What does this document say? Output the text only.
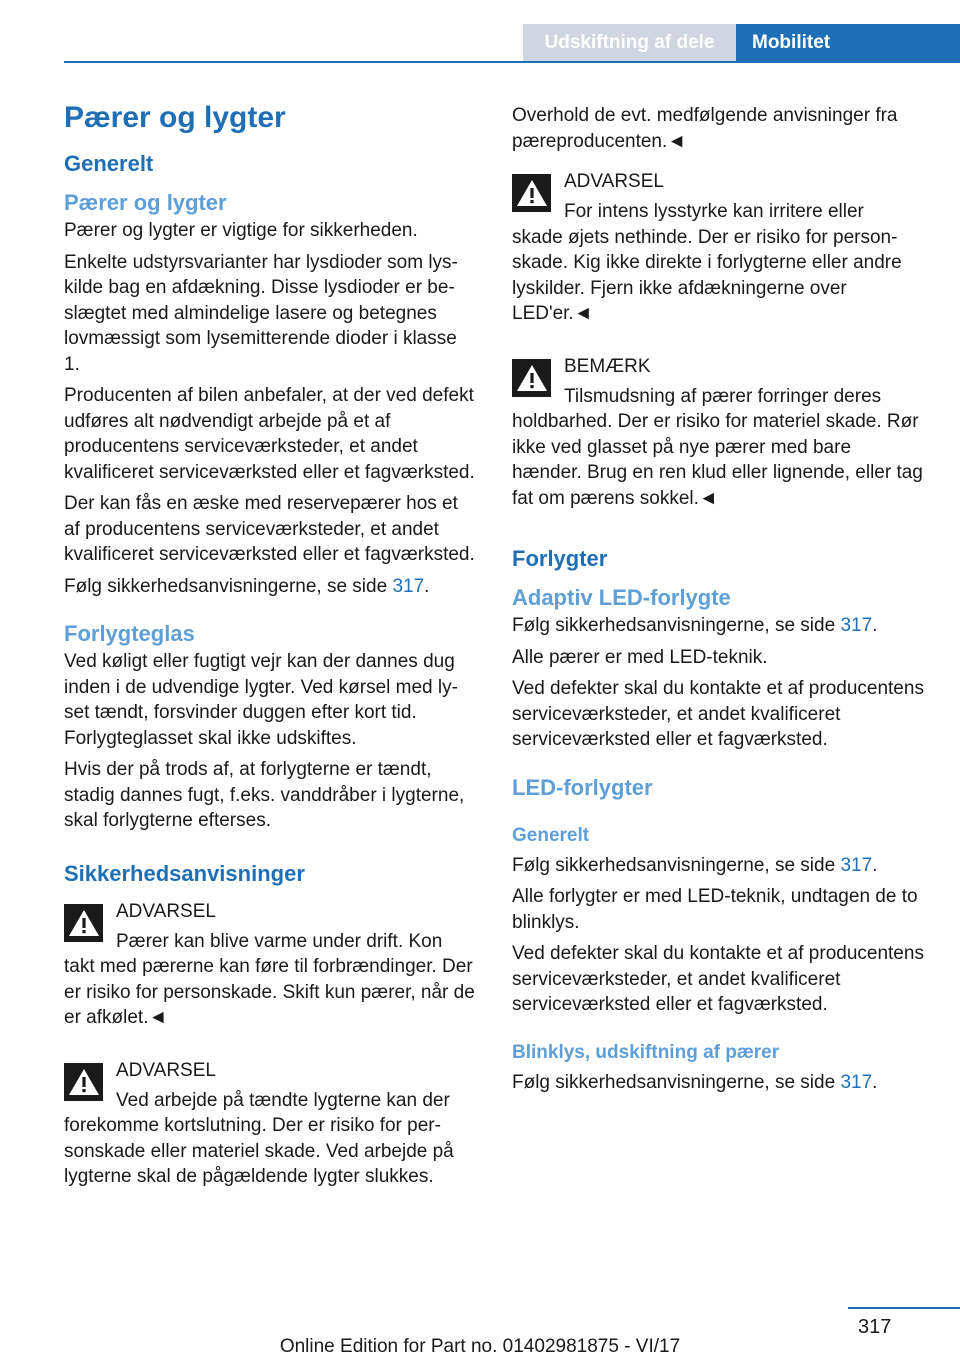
Udskiftning af dele	Mobilitet
Pærer og lygter
Generelt
Pærer og lygter

Pærer og lygter er vigtige for sikkerheden.

Enkelte udstyrsvarianter har lysdioder som lyskilde bag en afdækning. Disse lysdioder er beslægtet med almindelige lasere og betegnes lovmæssigt som lysemitterende dioder i klasse 1.

Producenten af bilen anbefaler, at der ved defekt udføres alt nødvendigt arbejde på et af producentens serviceværksteder, et andet kvalificeret serviceværksted eller et fagværksted.

Der kan fås en æske med reservepærer hos et af producentens serviceværksteder, et andet kvalificeret serviceværksted eller et fagværksted.

Følg sikkerhedsanvisningerne, se side 317.

Forlygteglas

Ved køligt eller fugtigt vejr kan der dannes dug inden i de udvendige lygter. Ved kørsel med lyset tændt, forsvinder duggen efter kort tid. Forlygteglasset skal ikke udskiftes.

Hvis der på trods af, at forlygterne er tændt, stadig dannes fugt, f.eks. vanddråber i lygterne, skal forlygterne efterses.

Sikkerhedsanvisninger
ADVARSEL
Pærer kan blive varme under drift. Kon
takt med pærerne kan føre til forbrændinger. Der er risiko for personskade. Skift kun pærer, når de er afkølet.◄
ADVARSEL
Ved arbejde på tændte lygterne kan der
forekomme kortslutning. Der er risiko for personskade eller materiel skade. Ved arbejde på lygterne skal de pågældende lygter slukkes.

Overhold de evt. medfølgende anvisninger fra pæreproducenten.◄

ADVARSEL
For intens lysstyrke kan irritere eller
skade øjets nethinde. Der er risiko for personskade. Kig ikke direkte i forlygterne eller andre lyskilder. Fjern ikke afdækningerne over LED'er.◄
BEMÆRK
Tilsmudsning af pærer forringer deres
holdbarhed. Der er risiko for materiel skade. Rør ikke ved glasset på nye pærer med bare hænder. Brug en ren klud eller lignende, eller tag fat om pærens sokkel.◄
Forlygter
Adaptiv LED-forlygte

Følg sikkerhedsanvisningerne, se side 317.

Alle pærer er med LED-teknik.

Ved defekter skal du kontakte et af producentens serviceværksteder, et andet kvalificeret serviceværksted eller et fagværksted.

LED-forlygter
Generelt

Følg sikkerhedsanvisningerne, se side 317.

Alle forlygter er med LED-teknik, undtagen de to blinklys.

Ved defekter skal du kontakte et af producentens serviceværksteder, et andet kvalificeret serviceværksted eller et fagværksted.

Blinklys, udskiftning af pærer

Følg sikkerhedsanvisningerne, se side 317.

317
Online Edition for Part no. 01402981875 - VI/17
